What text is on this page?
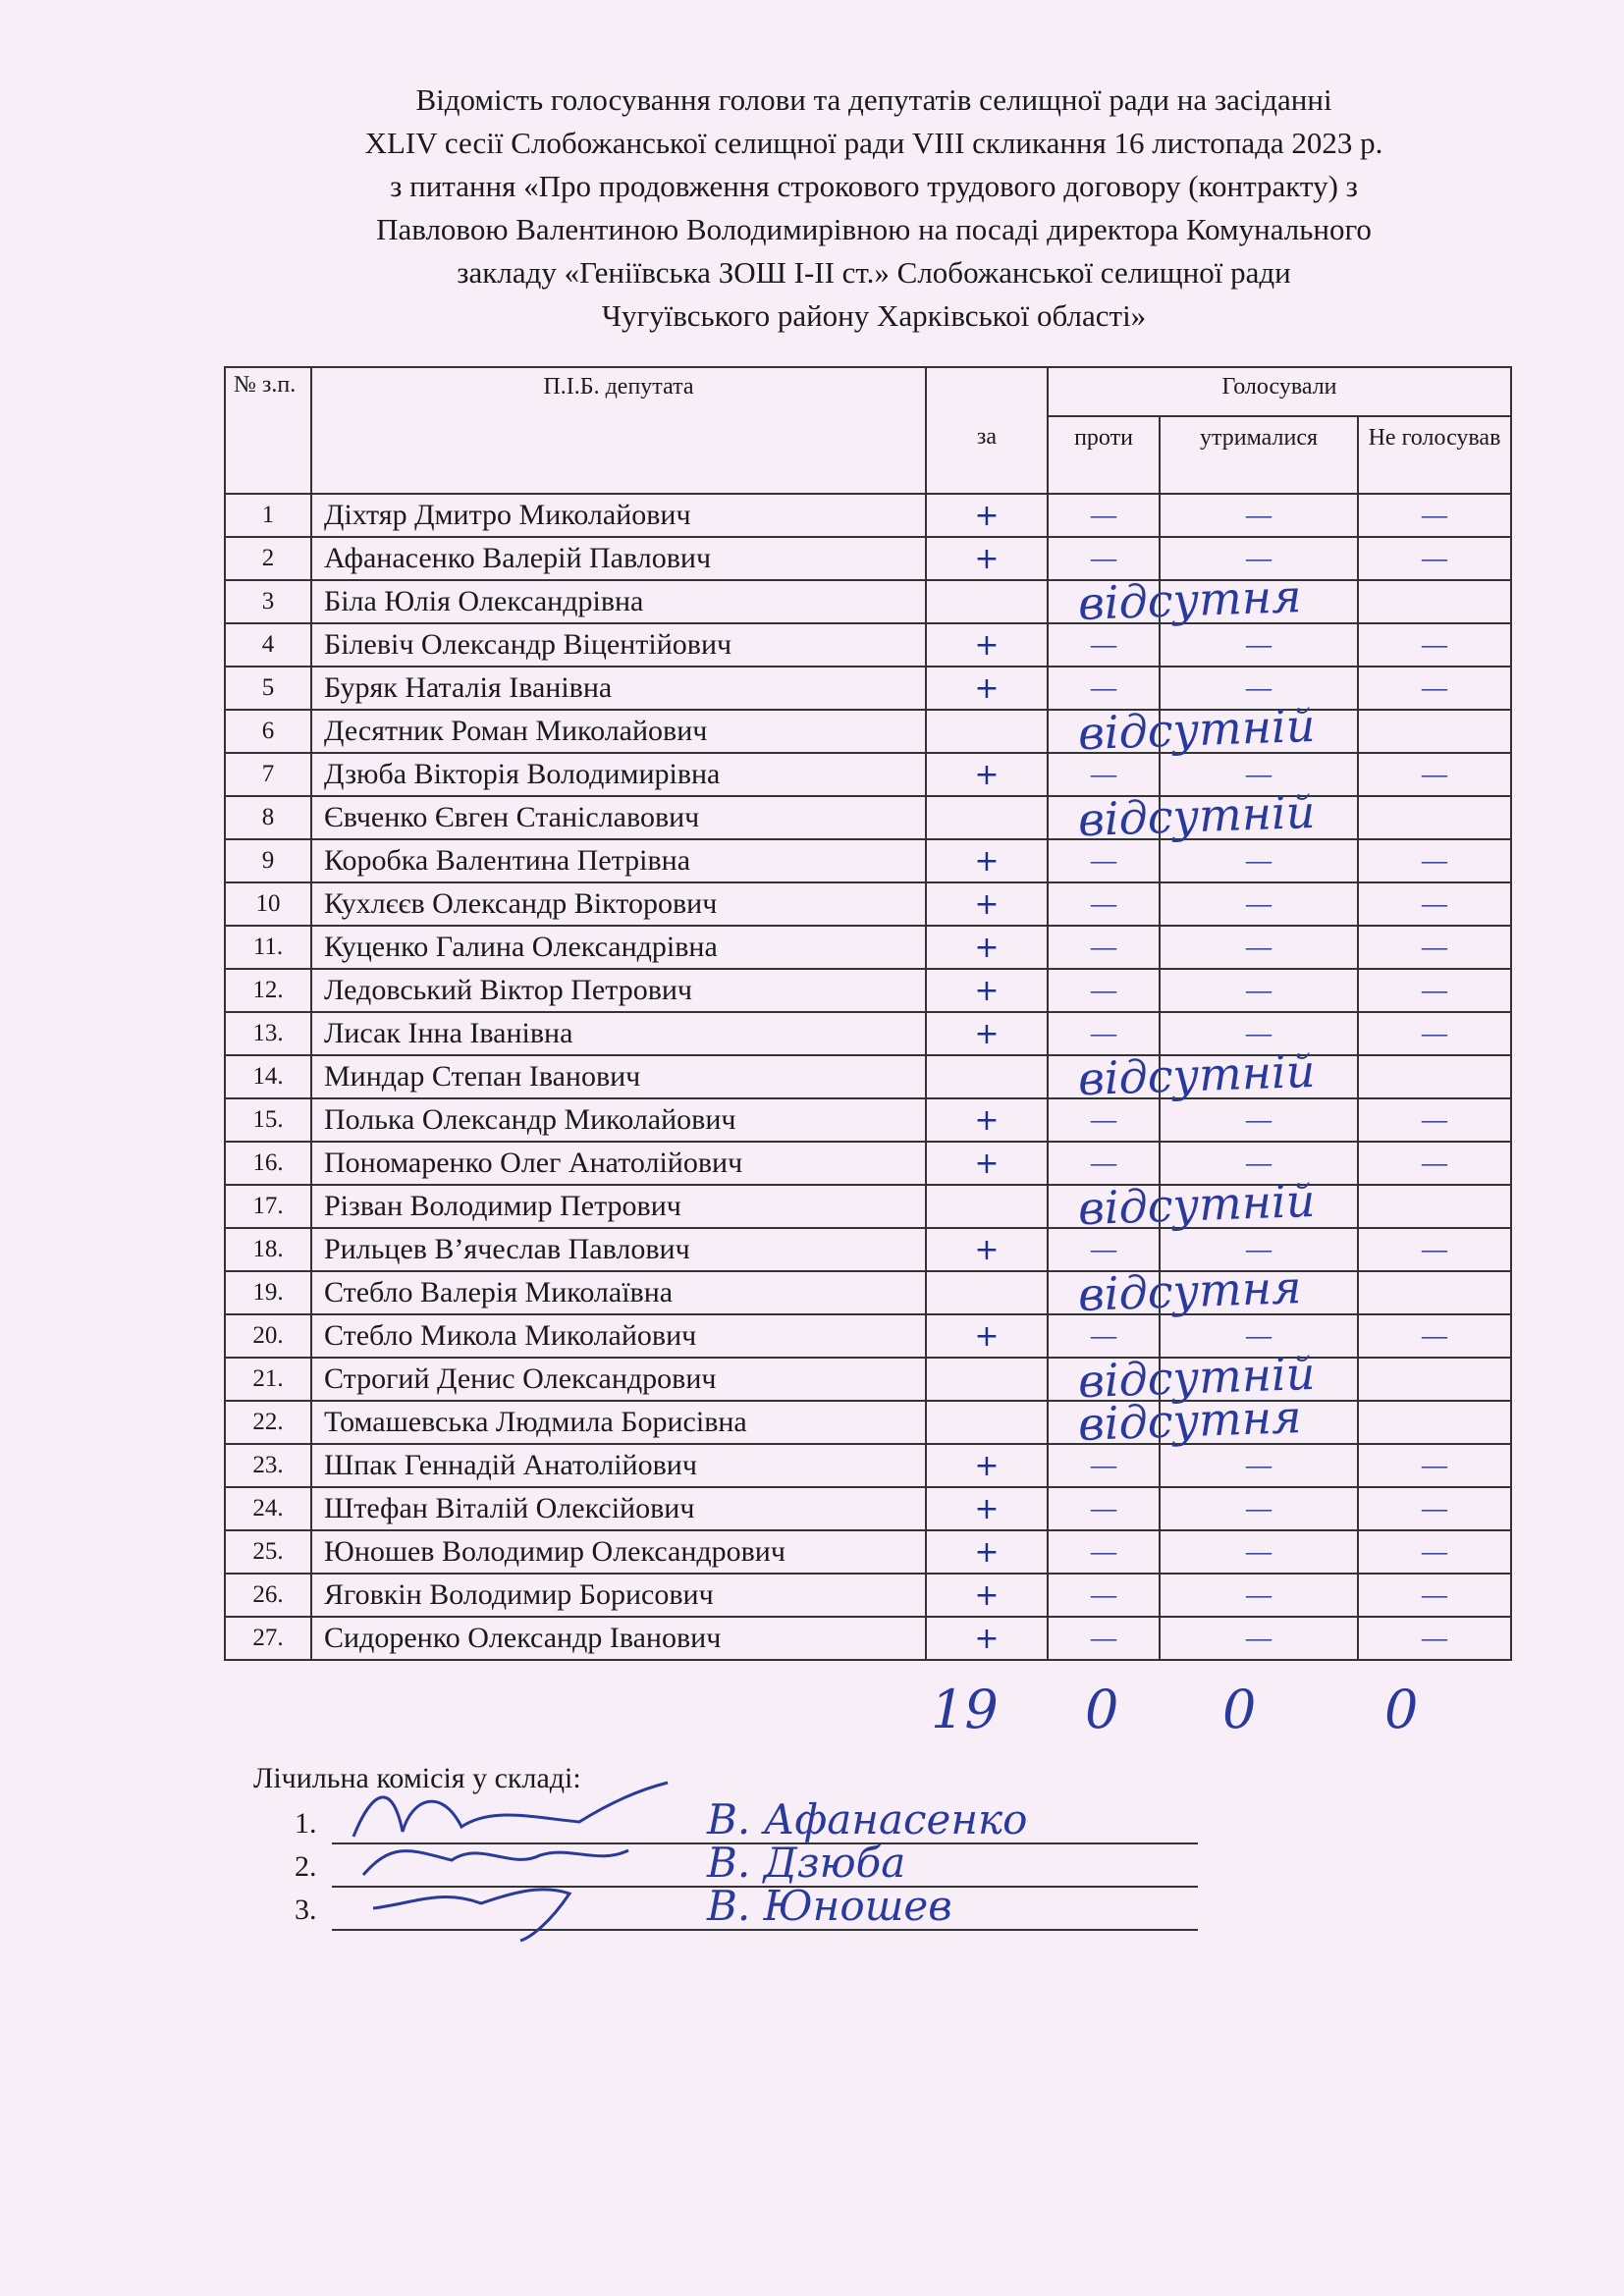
Відомість голосування голови та депутатів селищної ради на засіданні
XLIV сесії Слобожанської селищної ради VIII скликання 16 листопада 2023 р.
з питання «Про продовження строкового трудового договору (контракту) з
Павловою Валентиною Володимирівною на посаді директора Комунального
закладу «Генiївська ЗОШ I-II ст.» Слобожанської селищної ради
Чугуївського району Харківської області»
№ з.п.	П.І.Б. депутата		Голосували		
		за	проти	утрималися	Не голосував
1	Діхтяр Дмитро Миколайович	+	—	—	—
2	Афанасенко Валерій Павлович	+	—	—	—
3	Біла Юлія Олександрівна		відсутня		

4	Білевіч Олександр Віцентійович	+	—	—	—
5	Буряк Наталія Іванівна	+	—	—	—
6	Десятник Роман Миколайович		відсутній		

7	Дзюба Вікторія Володимирівна	+	—	—	—
8	Євченко Євген Станіславович		відсутній		

9	Коробка Валентина Петрівна	+	—	—	—
10	Кухлєєв Олександр Вікторович	+	—	—	—
11.	Куценко Галина Олександрівна	+	—	—	—
12.	Ледовський Віктор Петрович	+	—	—	—
13.	Лисак Інна Іванівна	+	—	—	—
14.	Миндар Степан Іванович		відсутній		

15.	Полька Олександр Миколайович	+	—	—	—
16.	Пономаренко Олег Анатолійович	+	—	—	—
17.	Різван Володимир Петрович		відсутній		

18.	Рильцев В’ячеслав Павлович	+	—	—	—
19.	Стебло Валерія Миколаївна		відсутня		

20.	Стебло Микола Миколайович	+	—	—	—
21.	Строгий Денис Олександрович		відсутній		

22.	Томашевська Людмила Борисівна		відсутня		

23.	Шпак Геннадій Анатолійович	+	—	—	—
24.	Штефан Віталій Олексійович	+	—	—	—
25.	Юношев Володимир Олександрович	+	—	—	—
26.	Яговкін Володимир Борисович	+	—	—	—
27.	Сидоренко Олександр Іванович	+	—	—	—
19 0 0 0
Лічильна комісія у складі:
1.	В. Афанасенко
2.	В. Дзюба
3.	В. Юношев
